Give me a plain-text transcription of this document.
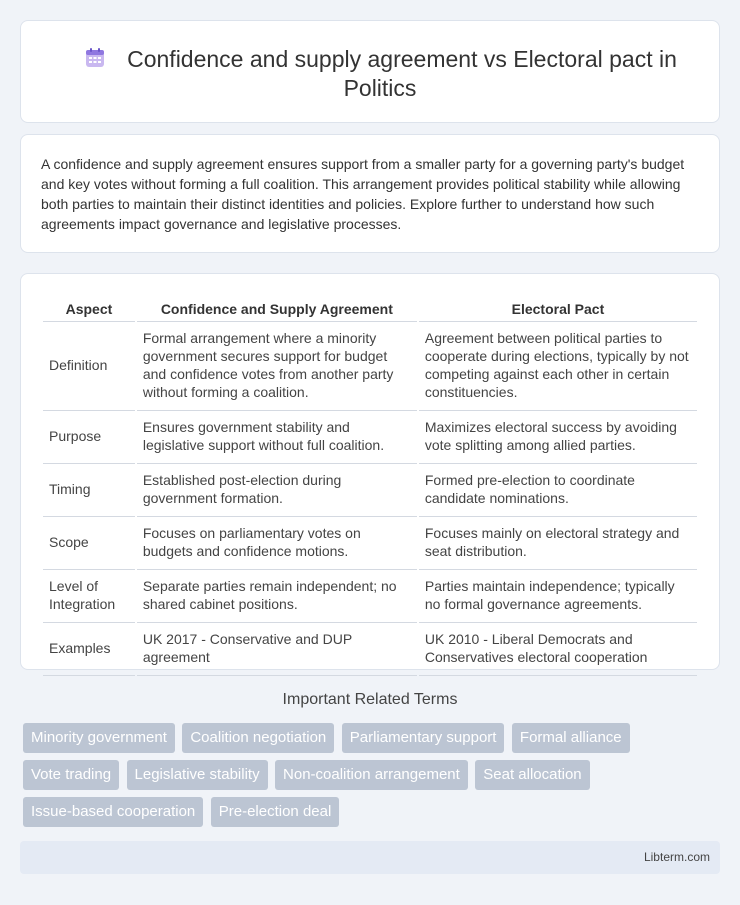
Confidence and supply agreement vs Electoral pact in Politics

A confidence and supply agreement ensures support from a smaller party for a governing party's budget and key votes without forming a full coalition. This arrangement provides political stability while allowing both parties to maintain their distinct identities and policies. Explore further to understand how such agreements impact governance and legislative processes.

Aspect	Confidence and Supply Agreement	Electoral Pact
Definition	Formal arrangement where a minority government secures support for budget and confidence votes from another party without forming a coalition.	Agreement between political parties to cooperate during elections, typically by not competing against each other in certain constituencies.
Purpose	Ensures government stability and legislative support without full coalition.	Maximizes electoral success by avoiding vote splitting among allied parties.
Timing	Established post-election during government formation.	Formed pre-election to coordinate candidate nominations.
Scope	Focuses on parliamentary votes on budgets and confidence motions.	Focuses mainly on electoral strategy and seat distribution.
Level of Integration	Separate parties remain independent; no shared cabinet positions.	Parties maintain independence; typically no formal governance agreements.
Examples	UK 2017 - Conservative and DUP agreement	UK 2010 - Liberal Democrats and Conservatives electoral cooperation
Important Related Terms
Minority government Coalition negotiation Parliamentary support Formal alliance Vote trading Legislative stability Non-coalition arrangement Seat allocation Issue-based cooperation Pre-election deal
Libterm.com
